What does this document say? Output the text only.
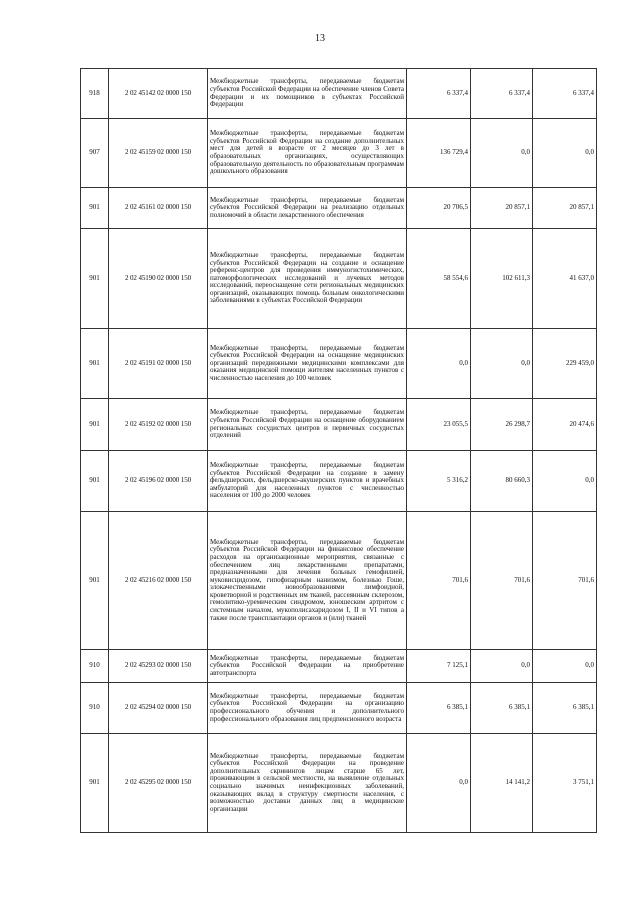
13
918	2 02 45142 02 0000 150	Межбюджетные трансферты, передаваемые бюджетам субъектов Российской Федерации на обеспечение членов Совета Федерации и их помощников в субъектах Российской Федерации	6 337,4	6 337,4	6 337,4
907	2 02 45159 02 0000 150	Межбюджетные трансферты, передаваемые бюджетам субъектов Российской Федерации на создание дополнительных мест для детей в возрасте от 2 месяцев до 3 лет в образовательных организациях, осуществляющих образовательную деятельность по образовательным программам дошкольного образования	136 729,4	0,0	0,0
901	2 02 45161 02 0000 150	Межбюджетные трансферты, передаваемые бюджетам субъектов Российской Федерации на реализацию отдельных полномочий в области лекарственного обеспечения	20 706,5	20 857,1	20 857,1
901	2 02 45190 02 0000 150	Межбюджетные трансферты, передаваемые бюджетам субъектов Российской Федерации на создание и оснащение референс-центров для проведения иммуногистохимических, патоморфологических исследований и лучевых методов исследований, переоснащение сети региональных медицинских организаций, оказывающих помощь больным онкологическими заболеваниями в субъектах Российской Федерации	58 554,6	102 611,3	41 637,0
901	2 02 45191 02 0000 150	Межбюджетные трансферты, передаваемые бюджетам субъектов Российской Федерации на оснащение медицинских организаций передвижными медицинскими комплексами для оказания медицинской помощи жителям населенных пунктов с численностью населения до 100 человек	0,0	0,0	229 459,0
901	2 02 45192 02 0000 150	Межбюджетные трансферты, передаваемые бюджетам субъектов Российской Федерации на оснащение оборудованием региональных сосудистых центров и первичных сосудистых отделений	23 055,5	26 298,7	20 474,6
901	2 02 45196 02 0000 150	Межбюджетные трансферты, передаваемые бюджетам субъектов Российской Федерации на создание в замену фельдшерских, фельдшерско-акушерских пунктов и врачебных амбулаторий для населенных пунктов с численностью населения от 100 до 2000 человек	5 316,2	80 660,3	0,0
901	2 02 45216 02 0000 150	Межбюджетные трансферты, передаваемые бюджетам субъектов Российской Федерации на финансовое обеспечение расходов на организационные мероприятия, связанные с обеспечением лиц лекарственными препаратами, предназначенными для лечения больных гемофилией, муковисцидозом, гипофизарным нанизмом, болезнью Гоше, злокачественными новообразованиями лимфоидной, кроветворной и родственных им тканей, рассеянным склерозом, гемолитико-уремическим синдромом, юношеским артритом с системным началом, мукополисахаридозом I, II и VI типов а также после трансплантации органов и (или) тканей	701,6	701,6	701,6
910	2 02 45293 02 0000 150	Межбюджетные трансферты, передаваемые бюджетам субъектов Российской Федерации на приобретение автотранспорта	7 125,1	0,0	0,0
910	2 02 45294 02 0000 150	Межбюджетные трансферты, передаваемые бюджетам субъектов Российской Федерации на организацию профессионального обучения и дополнительного профессионального образования лиц предпенсионного возраста	6 385,1	6 385,1	6 385,1
901	2 02 45295 02 0000 150	Межбюджетные трансферты, передаваемые бюджетам субъектов Российской Федерации на проведение дополнительных скринингов лицам старше 65 лет, проживающим в сельской местности, на выявление отдельных социально значимых неинфекционных заболеваний, оказывающих вклад в структуру смертности населения, с возможностью доставки данных лиц в медицинские организации	0,0	14 141,2	3 751,1
